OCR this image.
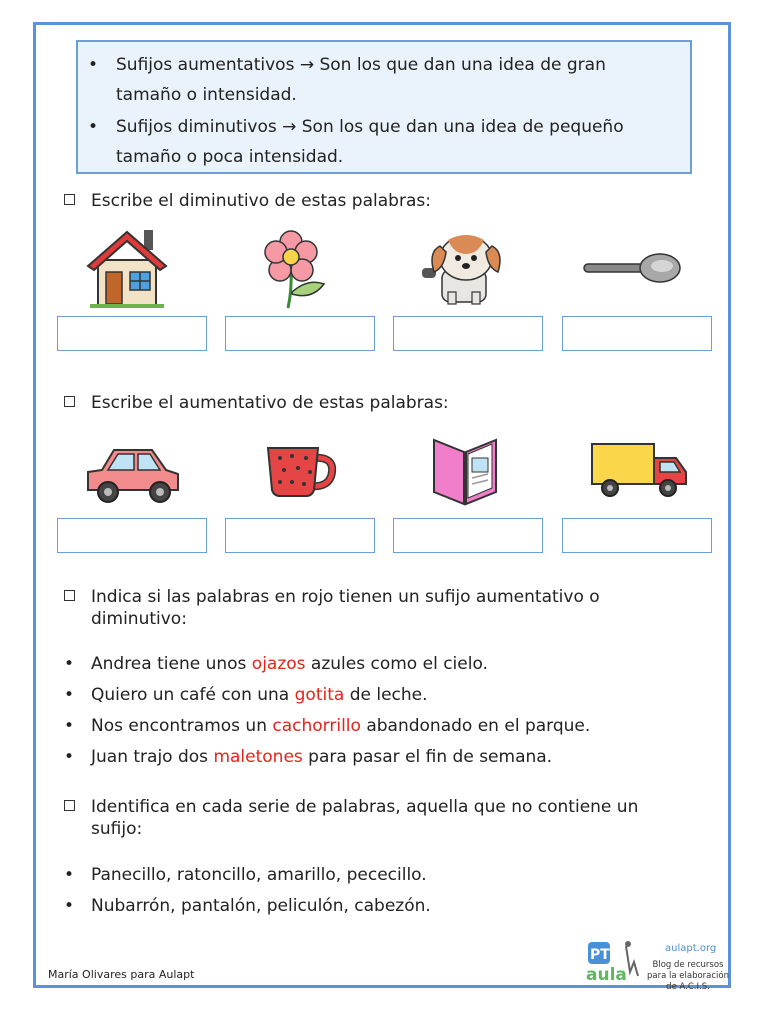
• Sufijos aumentativos → Son los que dan una idea de gran tamaño o intensidad.
• Sufijos diminutivos → Son los que dan una idea de pequeño tamaño o poca intensidad.
Escribe el diminutivo de estas palabras:
Escribe el aumentativo de estas palabras:
Indica si las palabras en rojo tienen un sufijo aumentativo o diminutivo:
• Andrea tiene unos ojazos azules como el cielo.
• Quiero un café con una gotita de leche.
• Nos encontramos un cachorrillo abandonado en el parque.
• Juan trajo dos maletones para pasar el fin de semana.
Identifica en cada serie de palabras, aquella que no contiene un sufijo:
• Panecillo, ratoncillo, amarillo, pececillo.
• Nubarrón, pantalón, peliculón, cabezón.
María Olivares para Aulapt
PT
aula
aulapt.org
Blog de recursos para la elaboración de A.C.I.S.
